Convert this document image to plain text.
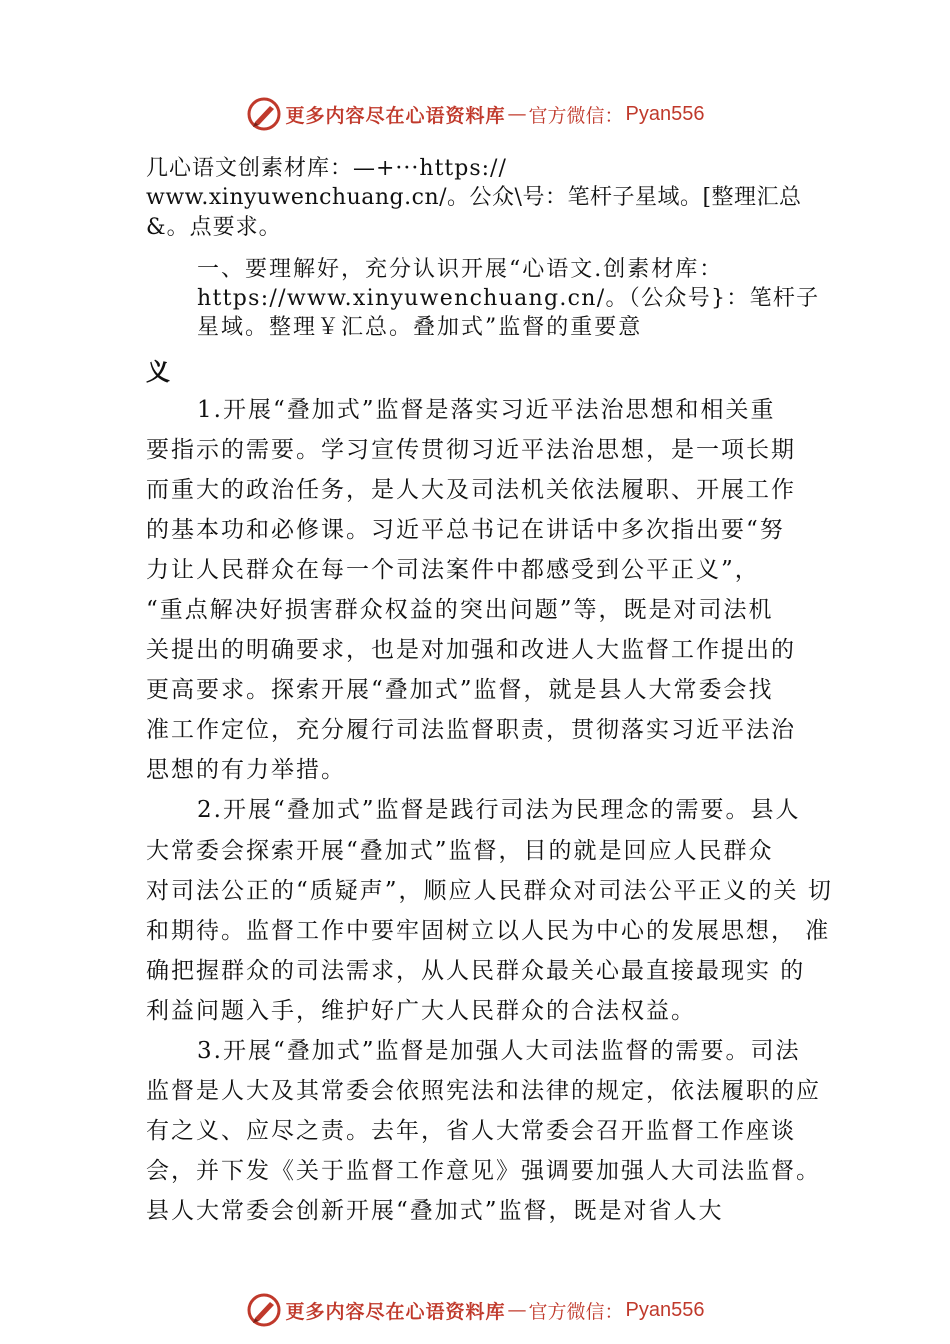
更多内容尽在心语资料库 — 官方微信： Pyan556
几心语文创素材库：—+···https://
www.xinyuwenchuang.cn/。公众\号：笔杆子星域。[整理汇总
&。点要求。
一、要理解好，充分认识开展“心语文.创素材库：
https://www.xinyuwenchuang.cn/。（公众号}：笔杆子
星域。整理￥汇总。叠加式”监督的重要意
义
1.开展“叠加式”监督是落实习近平法治思想和相关重
要指示的需要。学习宣传贯彻习近平法治思想，是一项长期
而重大的政治任务，是人大及司法机关依法履职、开展工作
的基本功和必修课。习近平总书记在讲话中多次指出要“努
力让人民群众在每一个司法案件中都感受到公平正义”，
“重点解决好损害群众权益的突出问题”等，既是对司法机
关提出的明确要求，也是对加强和改进人大监督工作提出的
更高要求。探索开展“叠加式”监督，就是县人大常委会找
准工作定位，充分履行司法监督职责，贯彻落实习近平法治
思想的有力举措。
2.开展“叠加式”监督是践行司法为民理念的需要。县人
大常委会探索开展“叠加式”监督，目的就是回应人民群众
对司法公正的“质疑声”，顺应人民群众对司法公平正义的关 切
和期待。监督工作中要牢固树立以人民为中心的发展思想， 准
确把握群众的司法需求，从人民群众最关心最直接最现实 的
利益问题入手，维护好广大人民群众的合法权益。
3.开展“叠加式”监督是加强人大司法监督的需要。司法
监督是人大及其常委会依照宪法和法律的规定，依法履职的应
有之义、应尽之责。去年，省人大常委会召开监督工作座谈
会，并下发《关于监督工作意见》强调要加强人大司法监督。
县人大常委会创新开展“叠加式”监督，既是对省人大
更多内容尽在心语资料库 — 官方微信： Pyan556
